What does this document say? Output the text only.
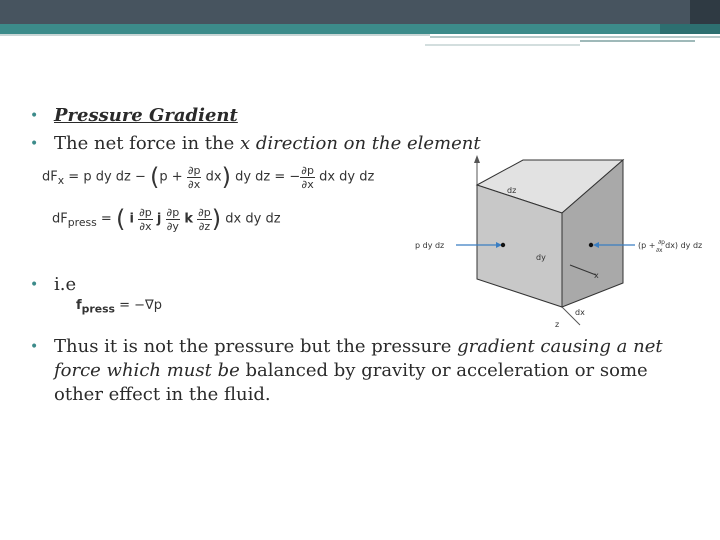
• Pressure Gradient
• The net force in the x direction on the element
$dF_x = p$ dy dz − $(p + \frac{\partial p}{\partial x} dx)$ dy dz = − $\frac{\partial p}{\partial x}$ dx dy dz
$dF_{press}$ = ( i $\frac{\partial p}{\partial x}$ j $\frac{\partial p}{\partial y}$ k $\frac{\partial p}{\partial z}$ ) dx dy dz
• i.e
$f_{press} = -\nabla p$
dz
dy
x
dx
z
p dy dz	(p + $^{\partial p}$ ∂x dx) dy dz
• Thus it is not the pressure but the pressure gradient causing a net force which must be balanced by gravity or acceleration or some other effect in the fluid.
